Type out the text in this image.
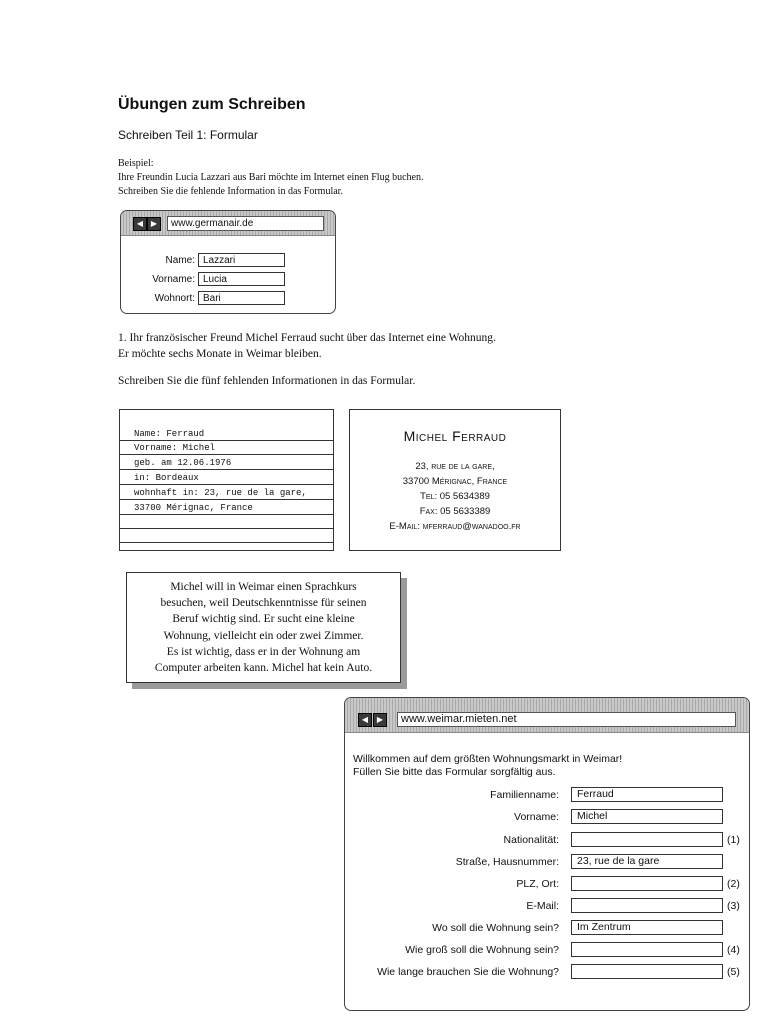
Übungen zum Schreiben
Schreiben Teil 1: Formular
Beispiel:
Ihre Freundin Lucia Lazzari aus Bari möchte im Internet einen Flug buchen.
Schreiben Sie die fehlende Information in das Formular.
◀ ▶	www.germanair.de
Name: Lazzari
Vorname: Lucia
Wohnort: Bari
1. Ihr französischer Freund Michel Ferraud sucht über das Internet eine Wohnung.
Er möchte sechs Monate in Weimar bleiben.
Schreiben Sie die fünf fehlenden Informationen in das Formular.
Name: Ferraud
Vorname: Michel
geb. am 12.06.1976
in: Bordeaux
wohnhaft in: 23, rue de la gare,
33700 Mérignac, France
Michel Ferraud
23, rue de la gare,
33700 Mérignac, France
Tel: 05 5634389
Fax: 05 5633389
E-Mail: mferraud@wanadoo.fr
Michel will in Weimar einen Sprachkurs
besuchen, weil Deutschkenntnisse für seinen
Beruf wichtig sind. Er sucht eine kleine
Wohnung, vielleicht ein oder zwei Zimmer.
Es ist wichtig, dass er in der Wohnung am
Computer arbeiten kann. Michel hat kein Auto.
◀	▶	www.weimar.mieten.net
Willkommen auf dem größten Wohnungsmarkt in Weimar!
Füllen Sie bitte das Formular sorgfältig aus.
Familienname:	Ferraud
Vorname:	Michel
Nationalität:	(1)
Straße, Hausnummer:	23, rue de la gare
PLZ, Ort:	(2)
E-Mail:	(3)
Wo soll die Wohnung sein?	Im Zentrum
Wie groß soll die Wohnung sein?	(4)
Wie lange brauchen Sie die Wohnung?	(5)
